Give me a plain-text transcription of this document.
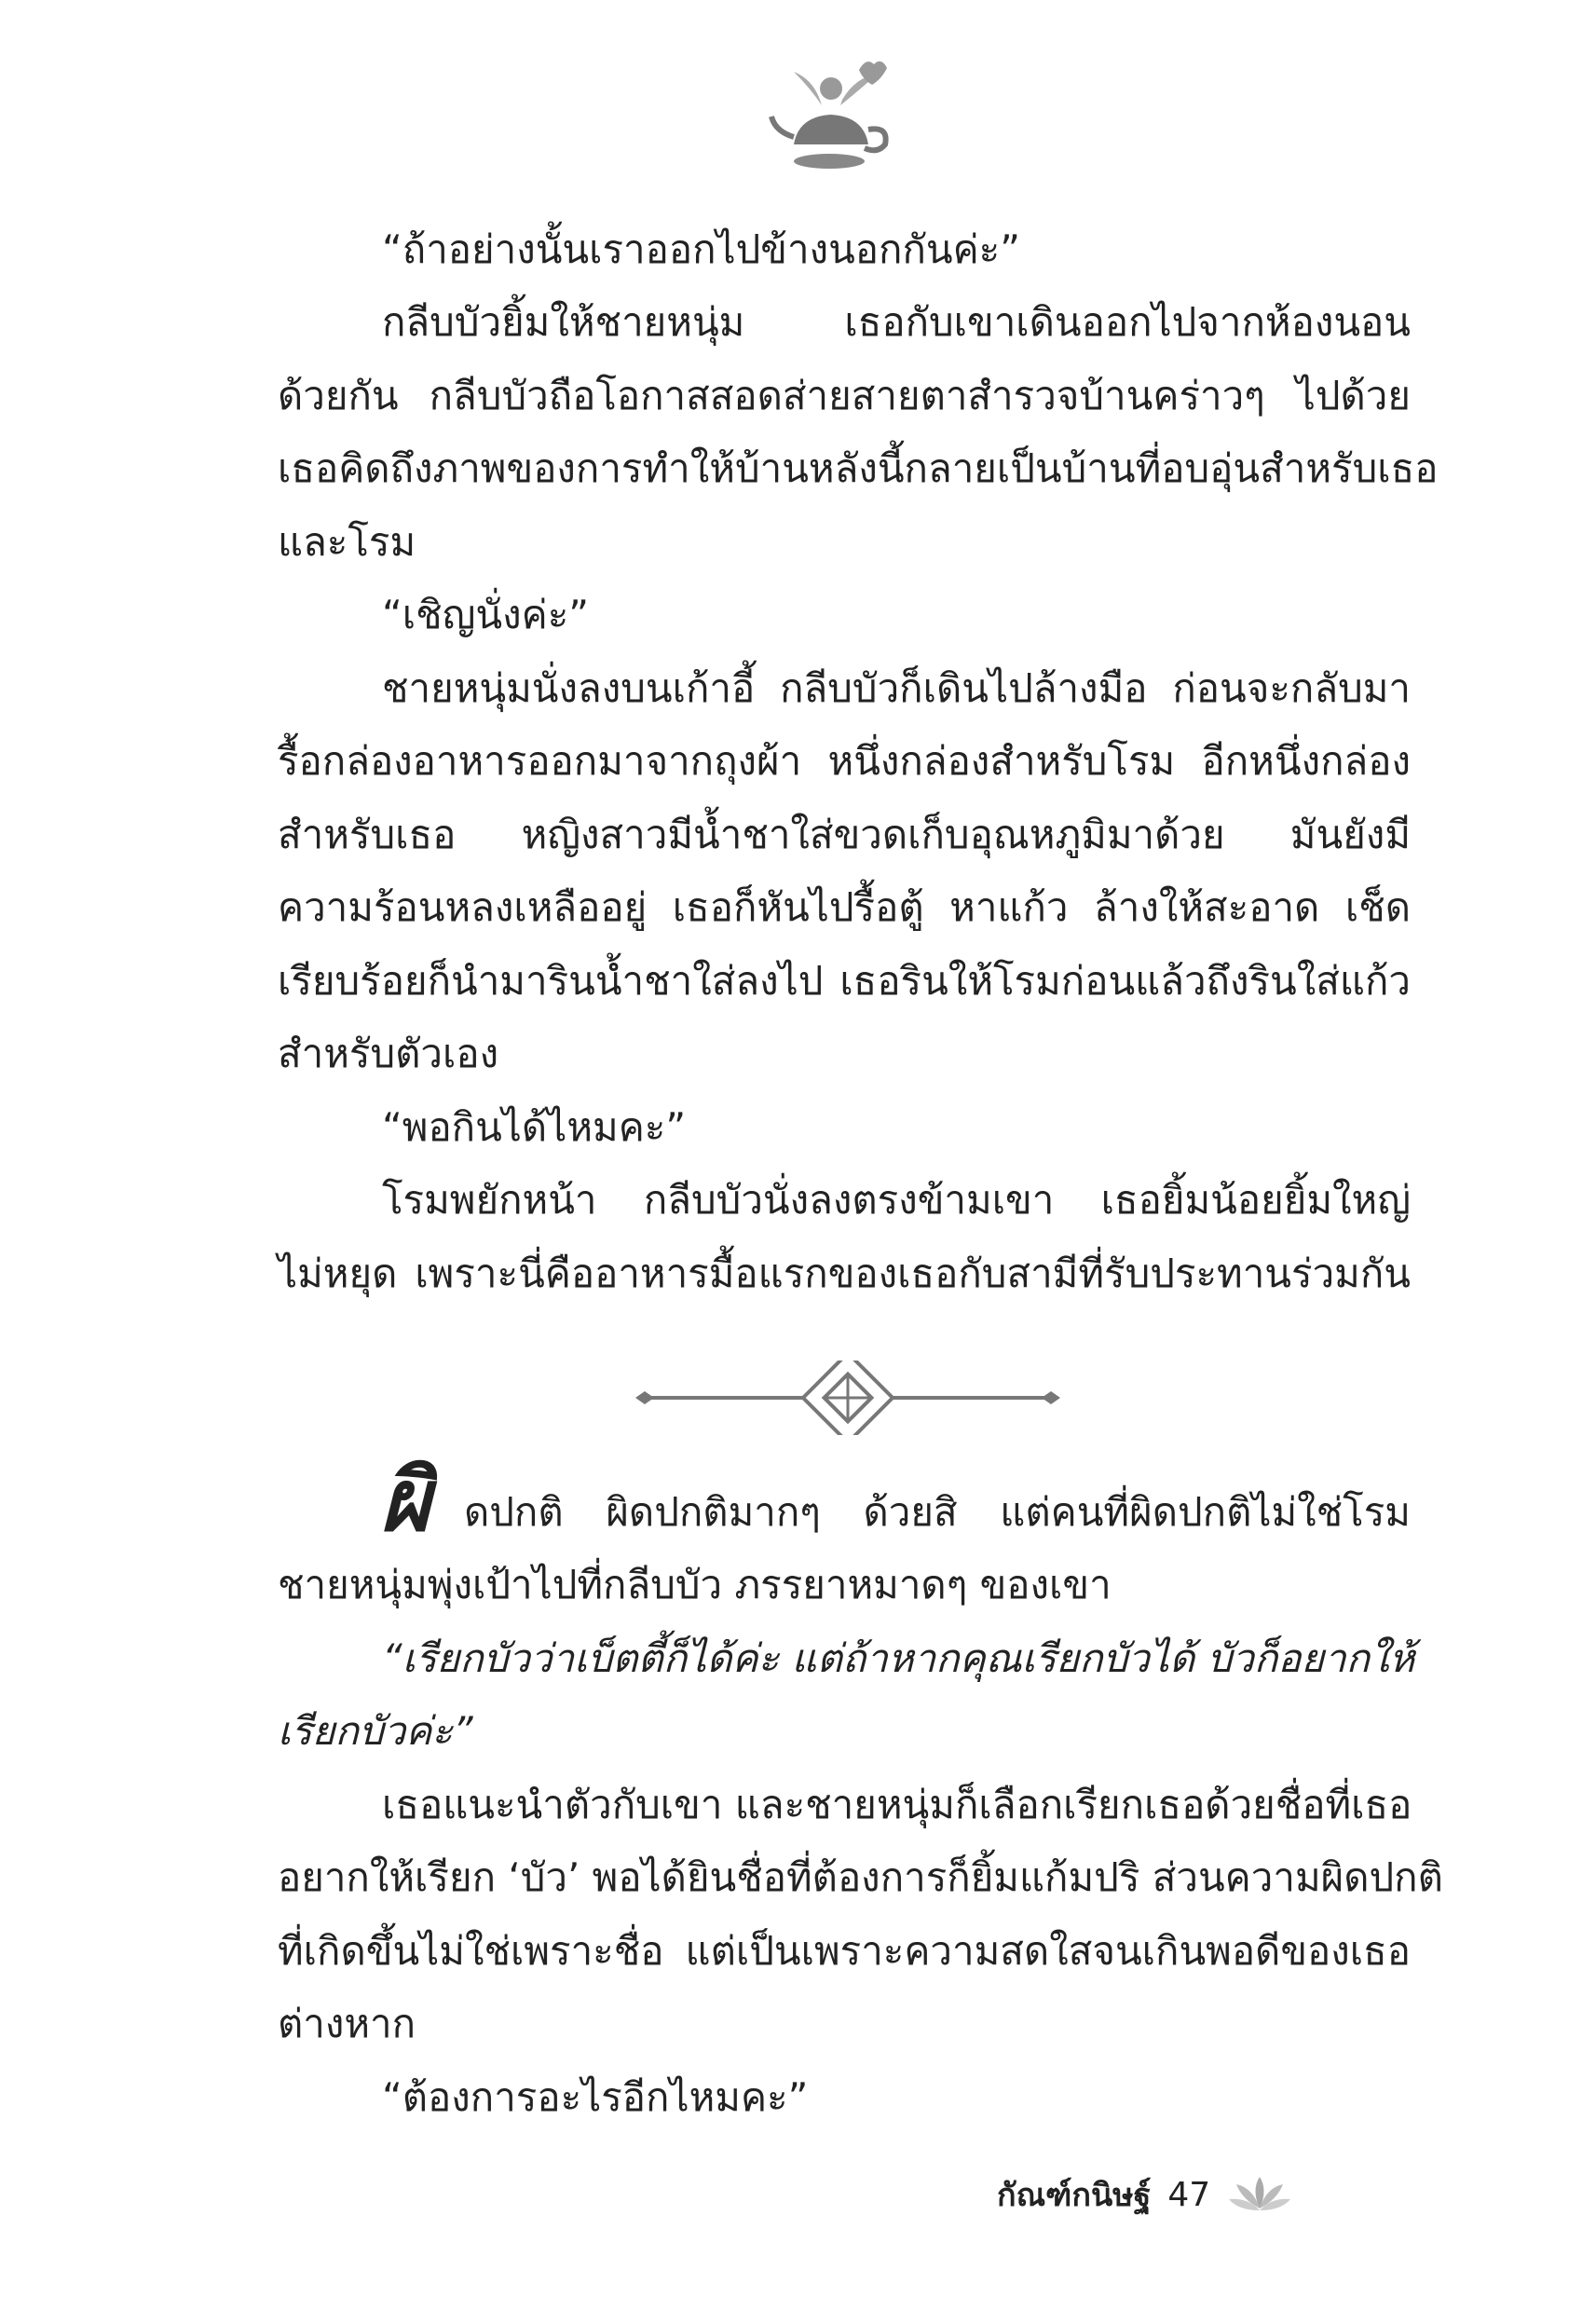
“ถ้าอย่างนั้นเราออกไปข้างนอกกันค่ะ”
กลีบบัวยิ้มให้ชายหนุ่ม เธอกับเขาเดินออกไปจากห้องนอน
ด้วยกัน กลีบบัวถือโอกาสสอดส่ายสายตาสำรวจบ้านคร่าวๆ ไปด้วย
เธอคิดถึงภาพของการทำให้บ้านหลังนี้กลายเป็นบ้านที่อบอุ่นสำหรับเธอ
และโรม
“เชิญนั่งค่ะ”
ชายหนุ่มนั่งลงบนเก้าอี้ กลีบบัวก็เดินไปล้างมือ ก่อนจะกลับมา
รื้อกล่องอาหารออกมาจากถุงผ้า หนึ่งกล่องสำหรับโรม อีกหนึ่งกล่อง
สำหรับเธอ หญิงสาวมีน้ำชาใส่ขวดเก็บอุณหภูมิมาด้วย มันยังมี
ความร้อนหลงเหลืออยู่ เธอก็หันไปรื้อตู้ หาแก้ว ล้างให้สะอาด เช็ด
เรียบร้อยก็นำมารินน้ำชาใส่ลงไป เธอรินให้โรมก่อนแล้วถึงรินใส่แก้ว
สำหรับตัวเอง
“พอกินได้ไหมคะ”
โรมพยักหน้า กลีบบัวนั่งลงตรงข้ามเขา เธอยิ้มน้อยยิ้มใหญ่
ไม่หยุด เพราะนี่คืออาหารมื้อแรกของเธอกับสามีที่รับประทานร่วมกัน
ผิ ดปกติ ผิดปกติมากๆ ด้วยสิ แต่คนที่ผิดปกติไม่ใช่โรม
ชายหนุ่มพุ่งเป้าไปที่กลีบบัว ภรรยาหมาดๆ ของเขา
“เรียกบัวว่าเบ็ตตี้ก็ได้ค่ะ แต่ถ้าหากคุณเรียกบัวได้ บัวก็อยากให้
เรียกบัวค่ะ”
เธอแนะนำตัวกับเขา และชายหนุ่มก็เลือกเรียกเธอด้วยชื่อที่เธอ
อยากให้เรียก ‘บัว’ พอได้ยินชื่อที่ต้องการก็ยิ้มแก้มปริ ส่วนความผิดปกติ
ที่เกิดขึ้นไม่ใช่เพราะชื่อ แต่เป็นเพราะความสดใสจนเกินพอดีของเธอ
ต่างหาก
“ต้องการอะไรอีกไหมคะ”
กัณฑ์กนิษฐ์ 47
